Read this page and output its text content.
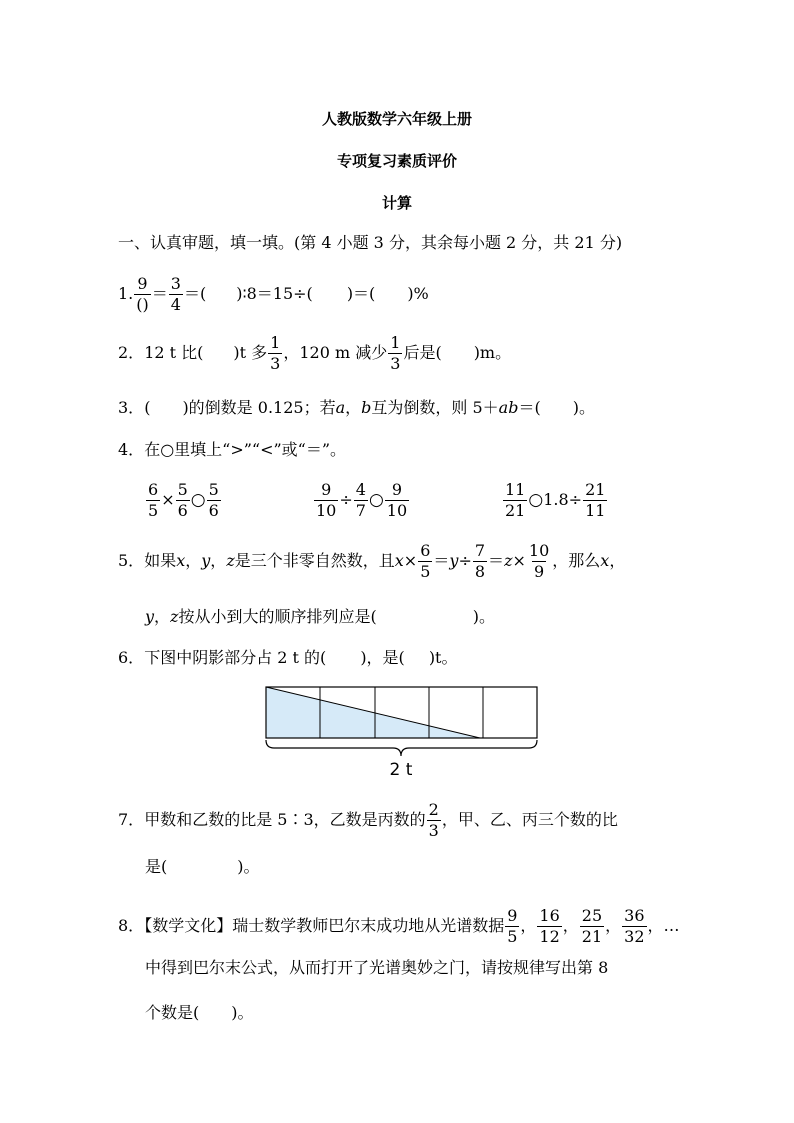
人教版数学六年级上册
专项复习素质评价
计算
一、认真审题，填一填。(第 4 小题 3 分，其余每小题 2 分，共 21 分)
1. $\frac{9}{()} = \frac{3}{4}$ ＝( )∶8＝15÷( )＝( )%
2．12 t 比( )t 多 $\frac{1}{3}$ ，120 m 减少 $\frac{1}{3}$ 后是( )m。
3．( )的倒数是 0.125；若a，b互为倒数，则 5＋ab＝( )。
4．在○里填上“>”“<”或“＝”。
$\frac{6}{5} \times \frac{5}{6}$ ○ $\frac{5}{6}$	$\frac{9}{10} \div \frac{4}{7}$ ○ $\frac{9}{10}$	$\frac{11}{21}$ ○1.8÷ $\frac{21}{11}$
5．如果x，y，z是三个非零自然数，且$x\times \frac{6}{5} =y\div \frac{7}{8} =z\times \frac{10}{9}$ ，那么x，
y，z按从小到大的顺序排列应是(	)。
6．下图中阴影部分占 2 t 的( )，是( )t。
2 t
7．甲数和乙数的比是 5∶3，乙数是丙数的 $\frac{2}{3}$ ，甲、乙、丙三个数的比
是(	)。
8．【数学文化】瑞士数学教师巴尔末成功地从光谱数据 $\frac{9}{5}$ ， $\frac{16}{12}$ ， $\frac{25}{21}$ ， $\frac{36}{32}$ ，…
中得到巴尔末公式，从而打开了光谱奥妙之门，请按规律写出第 8
个数是( )。
